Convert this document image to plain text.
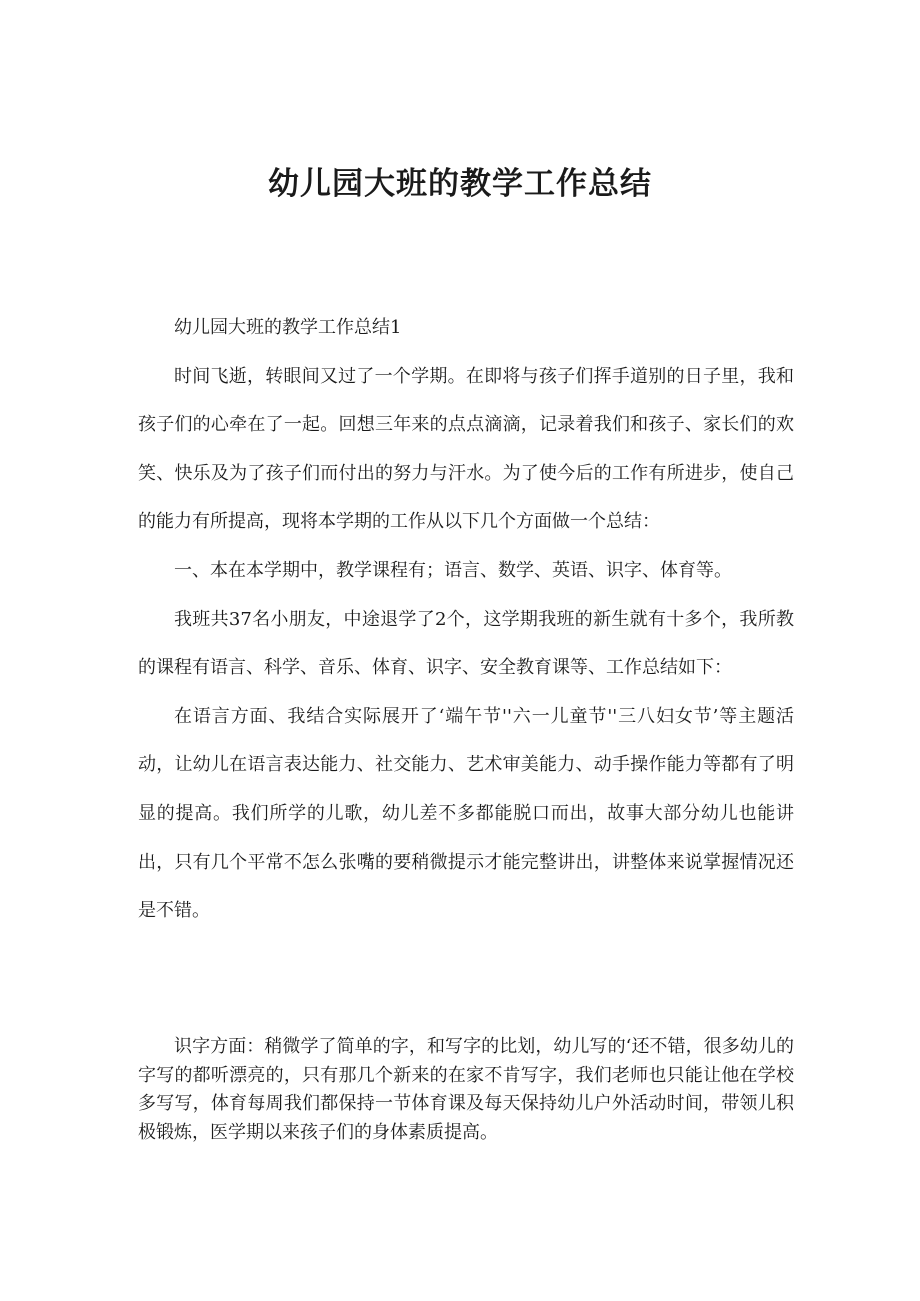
幼儿园大班的教学工作总结

幼儿园大班的教学工作总结1

时间飞逝，转眼间又过了一个学期。在即将与孩子们挥手道别的日子里，我和孩子们的心牵在了一起。回想三年来的点点滴滴，记录着我们和孩子、家长们的欢笑、快乐及为了孩子们而付出的努力与汗水。为了使今后的工作有所进步，使自己的能力有所提高，现将本学期的工作从以下几个方面做一个总结：

一、本在本学期中，教学课程有；语言、数学、英语、识字、体育等。

我班共37名小朋友，中途退学了2个，这学期我班的新生就有十多个，我所教的课程有语言、科学、音乐、体育、识字、安全教育课等、工作总结如下：

在语言方面、我结合实际展开了‘端午节''六一儿童节''三八妇女节’等主题活动，让幼儿在语言表达能力、社交能力、艺术审美能力、动手操作能力等都有了明显的提高。我们所学的儿歌，幼儿差不多都能脱口而出，故事大部分幼儿也能讲出，只有几个平常不怎么张嘴的要稍微提示才能完整讲出，讲整体来说掌握情况还是不错。

识字方面：稍微学了简单的字，和写字的比划，幼儿写的‘还不错，很多幼儿的字写的都听漂亮的，只有那几个新来的在家不肯写字，我们老师也只能让他在学校多写写，体育每周我们都保持一节体育课及每天保持幼儿户外活动时间，带领儿积极锻炼，医学期以来孩子们的身体素质提高。
